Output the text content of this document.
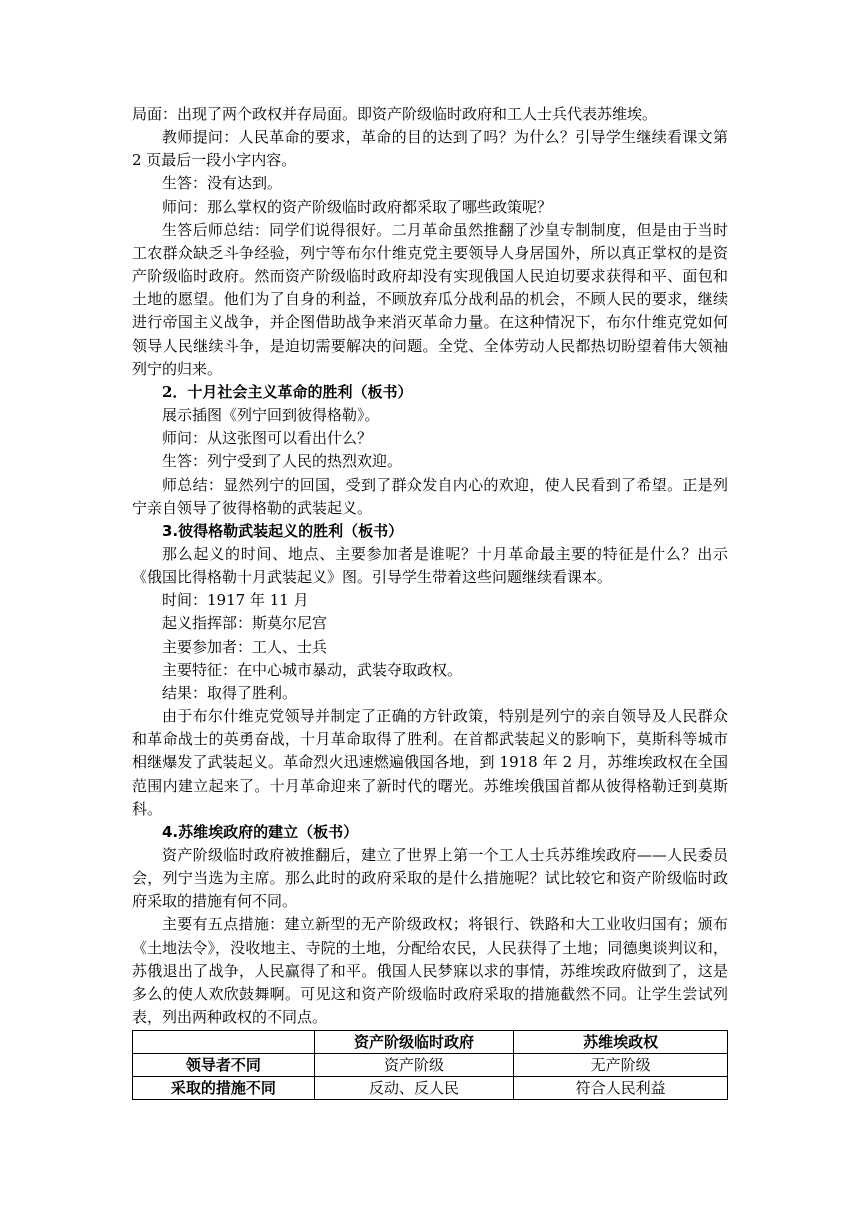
局面：出现了两个政权并存局面。即资产阶级临时政府和工人士兵代表苏维埃。

教师提问：人民革命的要求，革命的目的达到了吗？为什么？引导学生继续看课文第 2 页最后一段小字内容。

生答：没有达到。

师问：那么掌权的资产阶级临时政府都采取了哪些政策呢？

生答后师总结：同学们说得很好。二月革命虽然推翻了沙皇专制制度，但是由于当时工农群众缺乏斗争经验，列宁等布尔什维克党主要领导人身居国外，所以真正掌权的是资产阶级临时政府。然而资产阶级临时政府却没有实现俄国人民迫切要求获得和平、面包和土地的愿望。他们为了自身的利益，不顾放弃瓜分战利品的机会，不顾人民的要求，继续进行帝国主义战争，并企图借助战争来消灭革命力量。在这种情况下，布尔什维克党如何领导人民继续斗争，是迫切需要解决的问题。全党、全体劳动人民都热切盼望着伟大领袖列宁的归来。

2．十月社会主义革命的胜利（板书）

展示插图《列宁回到彼得格勒》。

师问：从这张图可以看出什么？

生答：列宁受到了人民的热烈欢迎。

师总结：显然列宁的回国，受到了群众发自内心的欢迎，使人民看到了希望。正是列宁亲自领导了彼得格勒的武装起义。

3.彼得格勒武装起义的胜利（板书）

那么起义的时间、地点、主要参加者是谁呢？十月革命最主要的特征是什么？出示《俄国比得格勒十月武装起义》图。引导学生带着这些问题继续看课本。

时间：1917 年 11 月

起义指挥部：斯莫尔尼宫

主要参加者：工人、士兵

主要特征：在中心城市暴动，武装夺取政权。

结果：取得了胜利。

由于布尔什维克党领导并制定了正确的方针政策，特别是列宁的亲自领导及人民群众和革命战士的英勇奋战，十月革命取得了胜利。在首都武装起义的影响下，莫斯科等城市相继爆发了武装起义。革命烈火迅速燃遍俄国各地，到 1918 年 2 月，苏维埃政权在全国范围内建立起来了。十月革命迎来了新时代的曙光。苏维埃俄国首都从彼得格勒迁到莫斯科。

4.苏维埃政府的建立（板书）

资产阶级临时政府被推翻后，建立了世界上第一个工人士兵苏维埃政府——人民委员会，列宁当选为主席。那么此时的政府采取的是什么措施呢？试比较它和资产阶级临时政府采取的措施有何不同。

主要有五点措施：建立新型的无产阶级政权；将银行、铁路和大工业收归国有；颁布《土地法令》，没收地主、寺院的土地，分配给农民，人民获得了土地；同德奥谈判议和，苏俄退出了战争，人民赢得了和平。俄国人民梦寐以求的事情，苏维埃政府做到了，这是多么的使人欢欣鼓舞啊。可见这和资产阶级临时政府采取的措施截然不同。让学生尝试列表，列出两种政权的不同点。

	资产阶级临时政府	苏维埃政权
领导者不同	资产阶级	无产阶级
采取的措施不同	反动、反人民	符合人民利益
